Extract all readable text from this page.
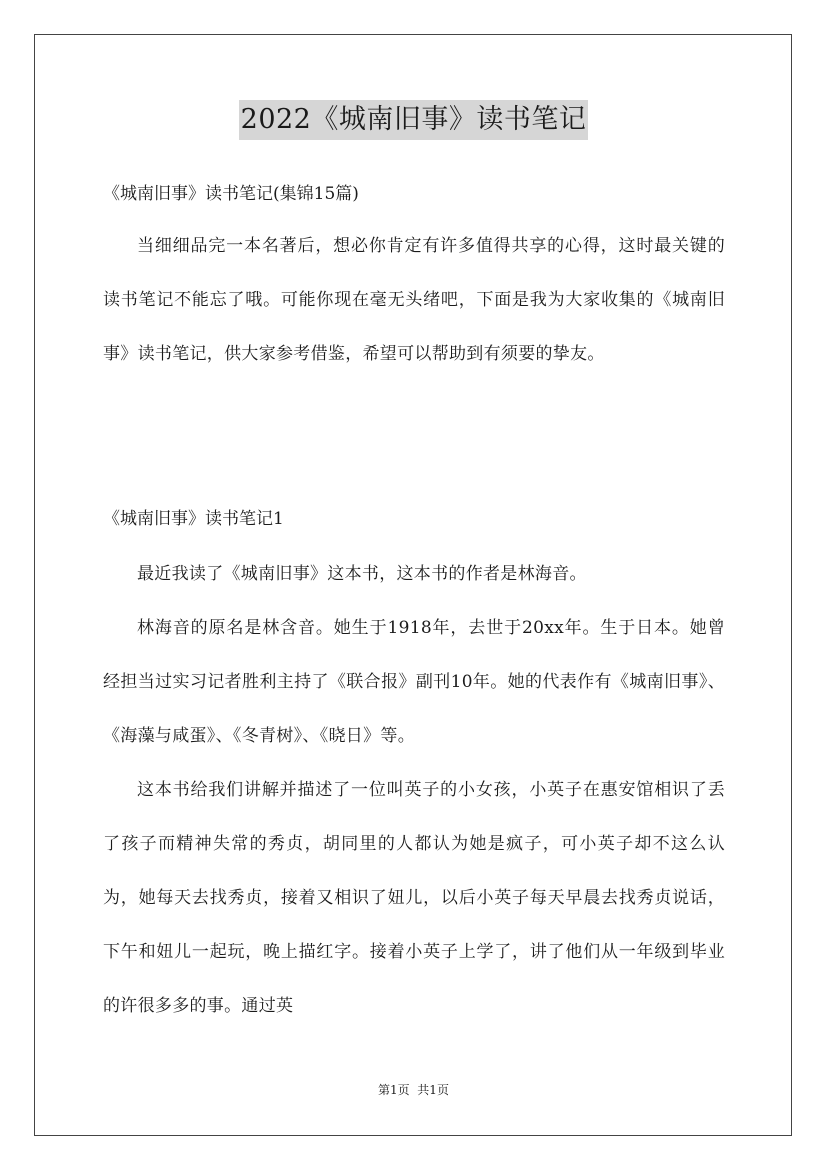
2022《城南旧事》读书笔记
《城南旧事》读书笔记(集锦15篇)
当细细品完一本名著后，想必你肯定有许多值得共享的心得，这时最关键的读书笔记不能忘了哦。可能你现在毫无头绪吧，下面是我为大家收集的《城南旧事》读书笔记，供大家参考借鉴，希望可以帮助到有须要的挚友。
《城南旧事》读书笔记1
最近我读了《城南旧事》这本书，这本书的作者是林海音。
林海音的原名是林含音。她生于1918年，去世于20xx年。生于日本。她曾经担当过实习记者胜利主持了《联合报》副刊10年。她的代表作有《城南旧事》、《海藻与咸蛋》、《冬青树》、《晓日》等。
这本书给我们讲解并描述了一位叫英子的小女孩，小英子在惠安馆相识了丢了孩子而精神失常的秀贞，胡同里的人都认为她是疯子，可小英子却不这么认为，她每天去找秀贞，接着又相识了妞儿，以后小英子每天早晨去找秀贞说话，下午和妞儿一起玩，晚上描红字。接着小英子上学了，讲了他们从一年级到毕业的许很多多的事。通过英
第1页  共1页
